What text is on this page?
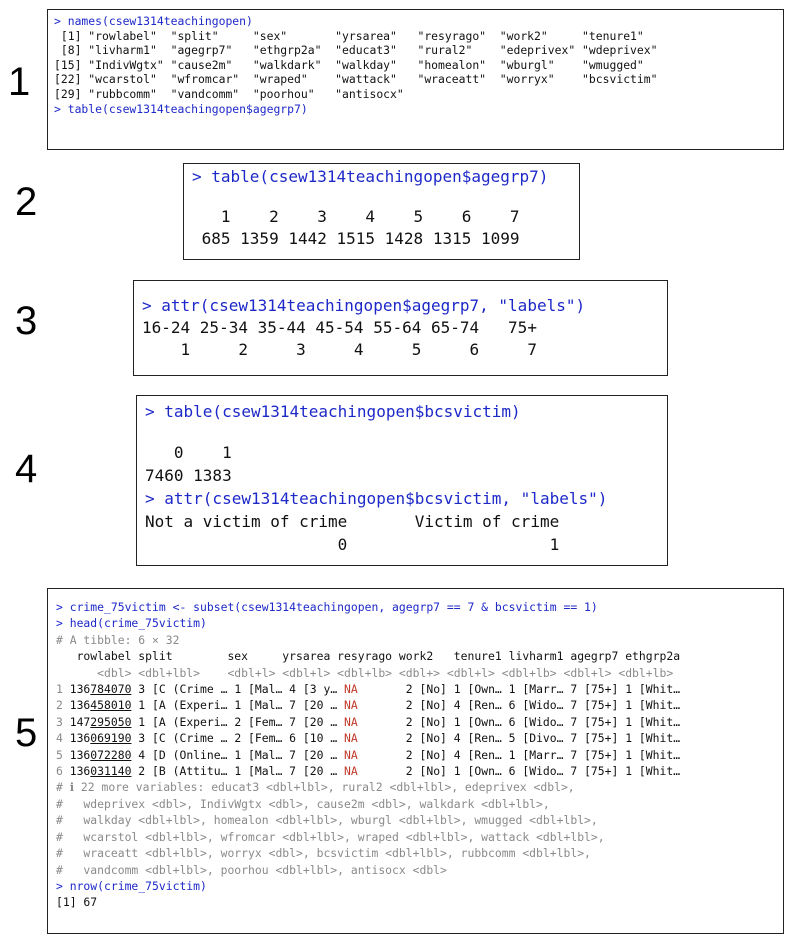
1
2
3
4
5
> names(csew1314teachingopen)
[1] "rowlabel"  "split"     "sex"       "yrsarea"   "resyrago"  "work2"     "tenure1"
[8] "livharm1"  "agegrp7"   "ethgrp2a"  "educat3"   "rural2"    "edeprivex" "wdeprivex"
[15] "IndivWgtx" "cause2m"   "walkdark"  "walkday"   "homealon"  "wburgl"    "wmugged"
[22] "wcarstol"  "wfromcar"  "wraped"    "wattack"   "wraceatt"  "worryx"    "bcsvictim"
[29] "rubbcomm"  "vandcomm"  "poorhou"   "antisocx"
> table(csew1314teachingopen$agegrp7)
> table(csew1314teachingopen$agegrp7)
1    2    3    4    5    6    7
685 1359 1442 1515 1428 1315 1099
> attr(csew1314teachingopen$agegrp7, "labels")
16-24 25-34 35-44 45-54 55-64 65-74   75+
1     2     3     4     5     6     7
> table(csew1314teachingopen$bcsvictim)
0    1
7460 1383
> attr(csew1314teachingopen$bcsvictim, "labels")
Not a victim of crime       Victim of crime
0                     1
> crime_75victim <- subset(csew1314teachingopen, agegrp7 == 7 & bcsvictim == 1)
> head(crime_75victim)
# A tibble: 6 × 32
rowlabel split        sex     yrsarea resyrago work2   tenure1 livharm1 agegrp7 ethgrp2a
<dbl> <dbl+lbl>    <dbl+l> <dbl+l> <dbl+lb> <dbl+> <dbl+l> <dbl+lb> <dbl+l> <dbl+lb>
1 136784070 3 [C (Crime … 1 [Mal… 4 [3 y… NA       2 [No] 1 [Own… 1 [Marr… 7 [75+] 1 [Whit…
2 136458010 1 [A (Experi… 1 [Mal… 7 [20 … NA       2 [No] 4 [Ren… 6 [Wido… 7 [75+] 1 [Whit…
3 147295050 1 [A (Experi… 2 [Fem… 7 [20 … NA       2 [No] 1 [Own… 6 [Wido… 7 [75+] 1 [Whit…
4 136069190 3 [C (Crime … 2 [Fem… 6 [10 … NA       2 [No] 4 [Ren… 5 [Divo… 7 [75+] 1 [Whit…
5 136072280 4 [D (Online… 1 [Mal… 7 [20 … NA       2 [No] 4 [Ren… 1 [Marr… 7 [75+] 1 [Whit…
6 136031140 2 [B (Attitu… 1 [Mal… 7 [20 … NA       2 [No] 1 [Own… 6 [Wido… 7 [75+] 1 [Whit…
# ℹ 22 more variables: educat3 <dbl+lbl>, rural2 <dbl+lbl>, edeprivex <dbl>,
#   wdeprivex <dbl>, IndivWgtx <dbl>, cause2m <dbl>, walkdark <dbl+lbl>,
#   walkday <dbl+lbl>, homealon <dbl+lbl>, wburgl <dbl+lbl>, wmugged <dbl+lbl>,
#   wcarstol <dbl+lbl>, wfromcar <dbl+lbl>, wraped <dbl+lbl>, wattack <dbl+lbl>,
#   wraceatt <dbl+lbl>, worryx <dbl>, bcsvictim <dbl+lbl>, rubbcomm <dbl+lbl>,
#   vandcomm <dbl+lbl>, poorhou <dbl+lbl>, antisocx <dbl>
> nrow(crime_75victim)
[1] 67
